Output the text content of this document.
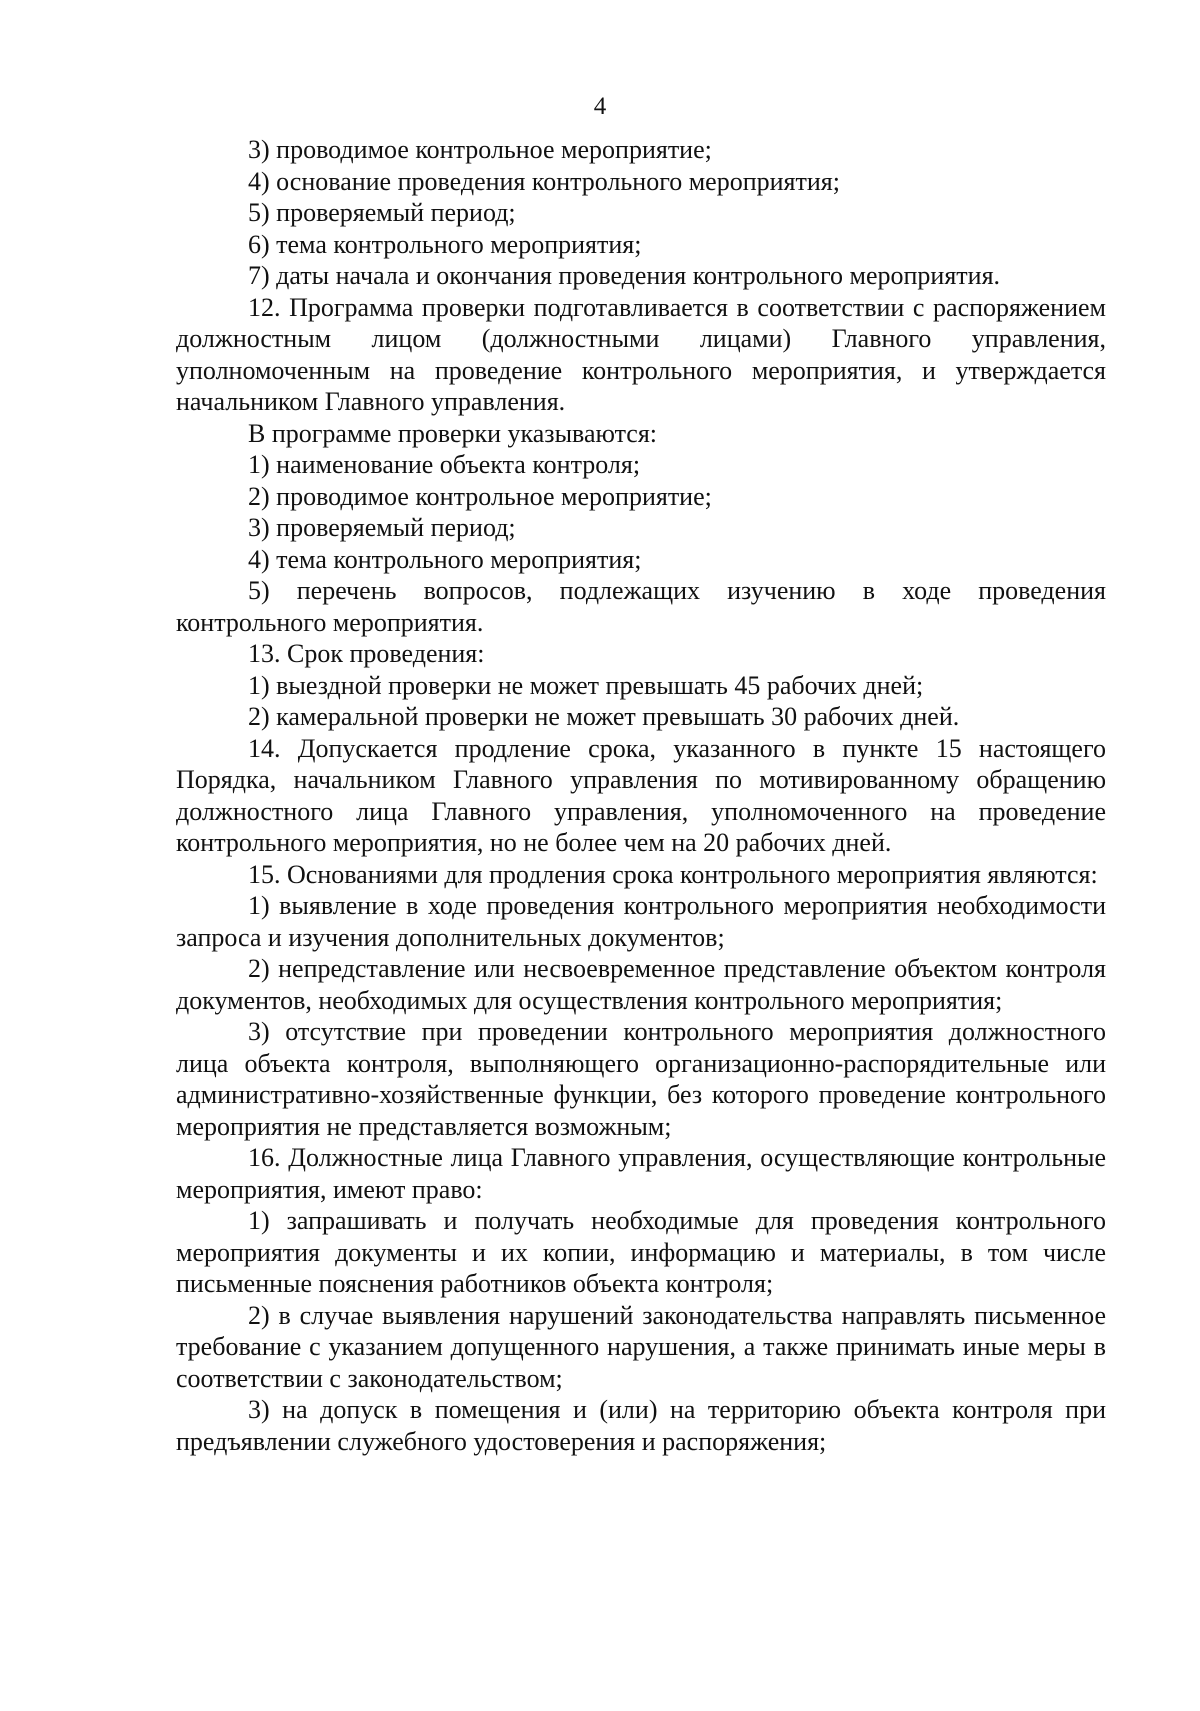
4

3) проводимое контрольное мероприятие;

4) основание проведения контрольного мероприятия;

5) проверяемый период;

6) тема контрольного мероприятия;

7) даты начала и окончания проведения контрольного мероприятия.

12. Программа проверки подготавливается в соответствии с распоряжением должностным лицом (должностными лицами) Главного управления, уполномоченным на проведение контрольного мероприятия, и утверждается начальником Главного управления.

В программе проверки указываются:

1) наименование объекта контроля;

2) проводимое контрольное мероприятие;

3) проверяемый период;

4) тема контрольного мероприятия;

5) перечень вопросов, подлежащих изучению в ходе проведения контрольного мероприятия.

13. Срок проведения:

1) выездной проверки не может превышать 45 рабочих дней;

2) камеральной проверки не может превышать 30 рабочих дней.

14. Допускается продление срока, указанного в пункте 15 настоящего Порядка, начальником Главного управления по мотивированному обращению должностного лица Главного управления, уполномоченного на проведение контрольного мероприятия, но не более чем на 20 рабочих дней.

15. Основаниями для продления срока контрольного мероприятия являются:

1) выявление в ходе проведения контрольного мероприятия необходимости запроса и изучения дополнительных документов;

2) непредставление или несвоевременное представление объектом контроля документов, необходимых для осуществления контрольного мероприятия;

3) отсутствие при проведении контрольного мероприятия должностного лица объекта контроля, выполняющего организационно-распорядительные или административно-хозяйственные функции, без которого проведение контрольного мероприятия не представляется возможным;

16. Должностные лица Главного управления, осуществляющие контрольные мероприятия, имеют право:

1) запрашивать и получать необходимые для проведения контрольного мероприятия документы и их копии, информацию и материалы, в том числе письменные пояснения работников объекта контроля;

2) в случае выявления нарушений законодательства направлять письменное требование с указанием допущенного нарушения, а также принимать иные меры в соответствии с законодательством;

3) на допуск в помещения и (или) на территорию объекта контроля при предъявлении служебного удостоверения и распоряжения;
